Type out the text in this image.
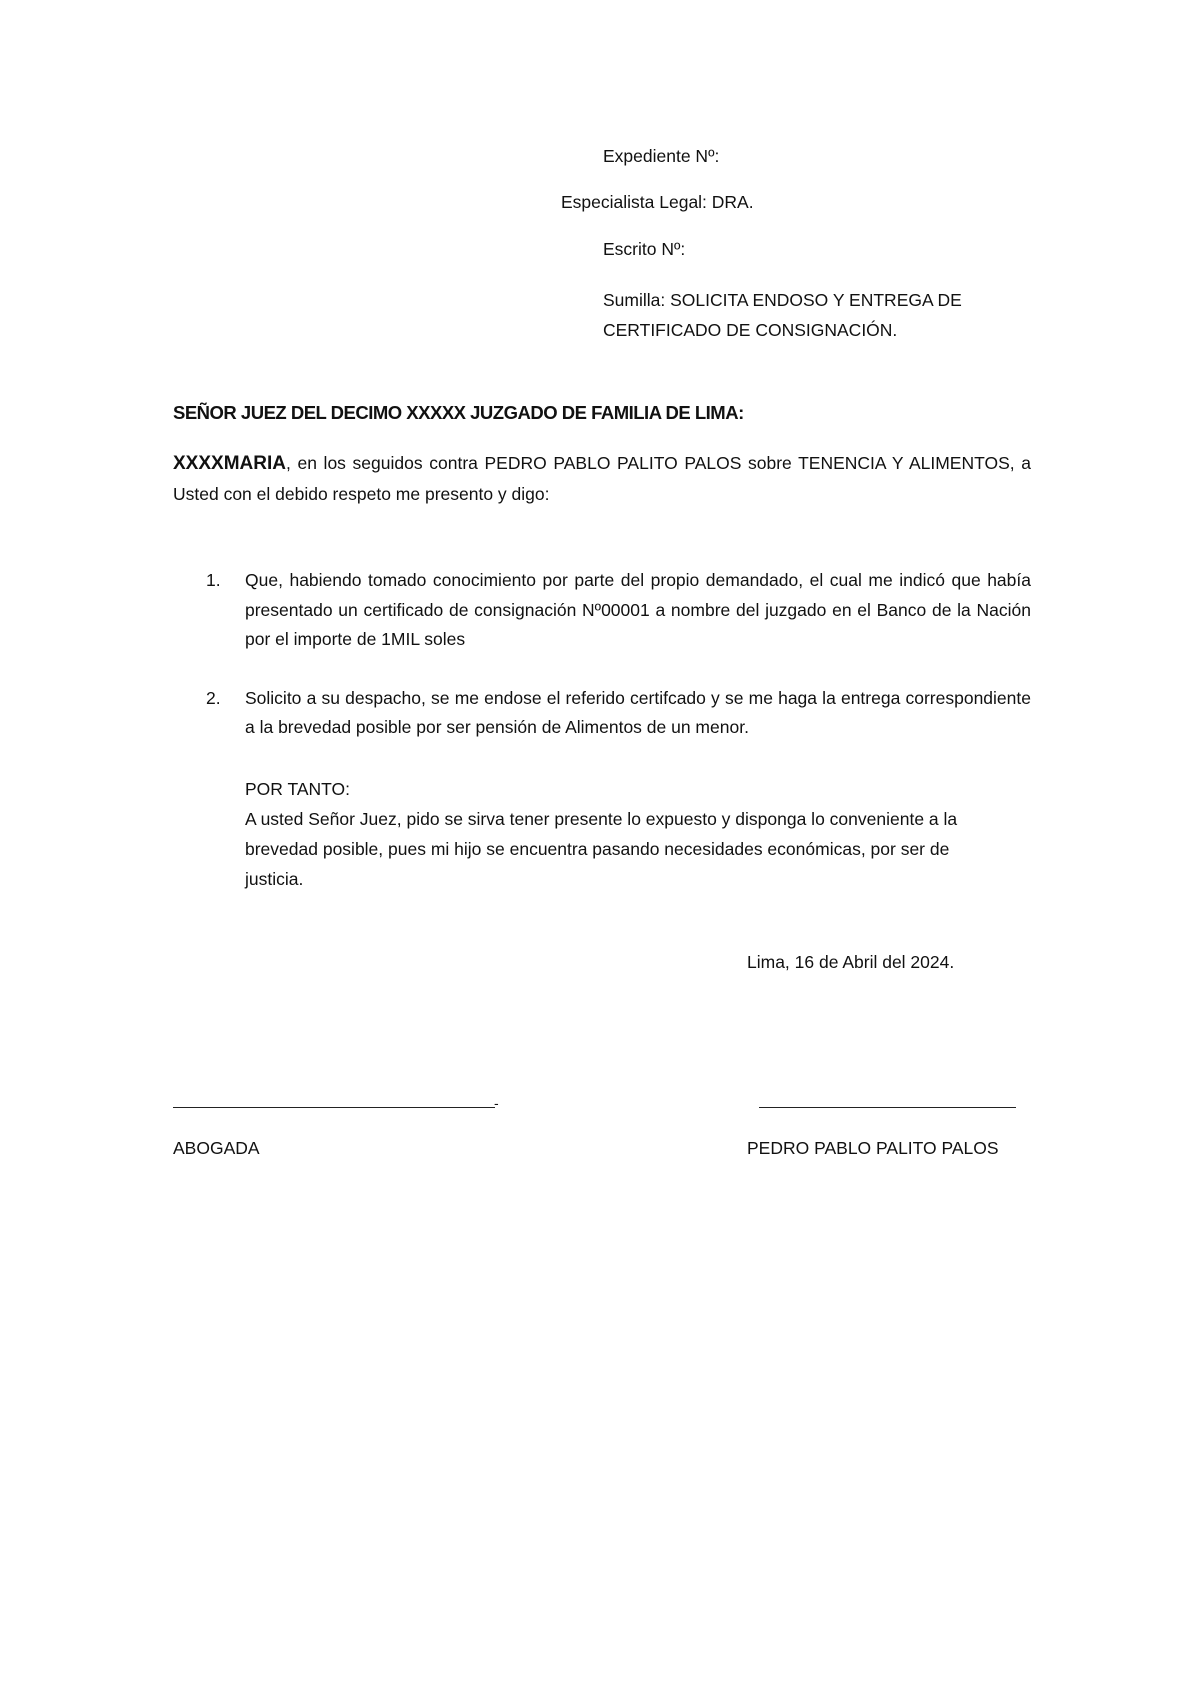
Expediente Nº:
Especialista Legal: DRA.
Escrito Nº:
Sumilla: SOLICITA ENDOSO Y ENTREGA DE
CERTIFICADO DE CONSIGNACIÓN.
SEÑOR JUEZ DEL DECIMO XXXXX JUZGADO DE FAMILIA DE LIMA:
XXXXMARIA, en los seguidos contra PEDRO PABLO PALITO PALOS sobre TENENCIA Y ALIMENTOS, a Usted con el debido respeto me presento y digo:
1. Que, habiendo tomado conocimiento por parte del propio demandado, el cual me indicó que había presentado un certificado de consignación Nº00001 a nombre del juzgado en el Banco de la Nación por el importe de 1MIL soles
2. Solicito a su despacho, se me endose el referido certifcado y se me haga la entrega correspondiente a la brevedad posible por ser pensión de Alimentos de un menor.
POR TANTO:
A usted Señor Juez, pido se sirva tener presente lo expuesto y disponga lo conveniente a la brevedad posible, pues mi hijo se encuentra pasando necesidades económicas, por ser de justicia.
Lima, 16 de Abril del 2024.
-
ABOGADA	PEDRO PABLO PALITO PALOS
